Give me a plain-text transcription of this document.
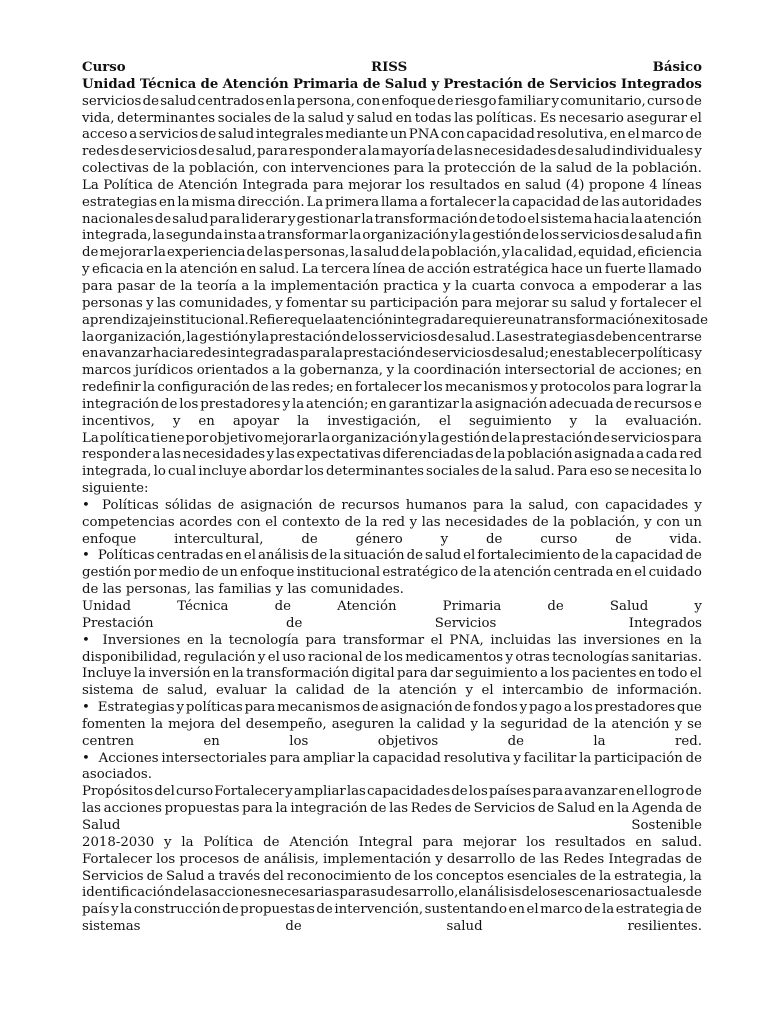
Curso	RISS	Básico
Unidad Técnica de Atención Primaria de Salud y Prestación de Servicios Integrados
servicios de salud centrados en la persona, con enfoque de riesgo familiar y comunitario, curso de
vida, determinantes sociales de la salud y salud en todas las políticas. Es necesario asegurar el
acceso a servicios de salud integrales mediante un PNA con capacidad resolutiva, en el marco de
redes de servicios de salud, para responder a la mayoría de las necesidades de salud individuales y
colectivas de la población, con intervenciones para la protección de la salud de la población.
La Política de Atención Integrada para mejorar los resultados en salud (4) propone 4 líneas
estrategias en la misma dirección. La primera llama a fortalecer la capacidad de las autoridades
nacionales de salud para liderar y gestionar la transformación de todo el sistema hacia la atención
integrada, la segunda insta a transformar la organización y la gestión de los servicios de salud a fin
de mejorar la experiencia de las personas, la salud de la población, y la calidad, equidad, eficiencia
y eficacia en la atención en salud. La tercera línea de acción estratégica hace un fuerte llamado
para pasar de la teoría a la implementación practica y la cuarta convoca a empoderar a las
personas y las comunidades, y fomentar su participación para mejorar su salud y fortalecer el
aprendizaje institucional. Refiere que la atención integrada requiere una transformación exitosa de
la organización, la gestión y la prestación de los servicios de salud. Las estrategias deben centrarse
en avanzar hacia redes integradas para la prestación de servicios de salud; en establecer políticas y
marcos jurídicos orientados a la gobernanza, y la coordinación intersectorial de acciones; en
redefinir la configuración de las redes; en fortalecer los mecanismos y protocolos para lograr la
integración de los prestadores y la atención; en garantizar la asignación adecuada de recursos e
incentivos, y en apoyar la investigación, el seguimiento y la evaluación.
La política tiene por objetivo mejorar la organización y la gestión de la prestación de servicios para
responder a las necesidades y las expectativas diferenciadas de la población asignada a cada red
integrada, lo cual incluye abordar los determinantes sociales de la salud. Para eso se necesita lo
siguiente:
• Políticas sólidas de asignación de recursos humanos para la salud, con capacidades y
competencias acordes con el contexto de la red y las necesidades de la población, y con un
enfoque	intercultural,	de	género	y	de	curso	de	vida.
• Políticas centradas en el análisis de la situación de salud el fortalecimiento de la capacidad de
gestión por medio de un enfoque institucional estratégico de la atención centrada en el cuidado
de las personas, las familias y las comunidades.
Unidad	Técnica	de	Atención	Primaria	de	Salud	y
Prestación	de	Servicios	Integrados
• Inversiones en la tecnología para transformar el PNA, incluidas las inversiones en la
disponibilidad, regulación y el uso racional de los medicamentos y otras tecnologías sanitarias.
Incluye la inversión en la transformación digital para dar seguimiento a los pacientes en todo el
sistema de salud, evaluar la calidad de la atención y el intercambio de información.
• Estrategias y políticas para mecanismos de asignación de fondos y pago a los prestadores que
fomenten la mejora del desempeño, aseguren la calidad y la seguridad de la atención y se
centren	en	los	objetivos	de	la	red.
• Acciones intersectoriales para ampliar la capacidad resolutiva y facilitar la participación de
asociados.
Propósitos del curso Fortalecer y ampliar las capacidades de los países para avanzar en el logro de
las acciones propuestas para la integración de las Redes de Servicios de Salud en la Agenda de
Salud	Sostenible
2018-2030 y la Política de Atención Integral para mejorar los resultados en salud.
Fortalecer los procesos de análisis, implementación y desarrollo de las Redes Integradas de
Servicios de Salud a través del reconocimiento de los conceptos esenciales de la estrategia, la
identificación de las acciones necesarias para su desarrollo, el análisis de los escenarios actuales de
país y la construcción de propuestas de intervención, sustentando en el marco de la estrategia de
sistemas	de	salud	resilientes.
